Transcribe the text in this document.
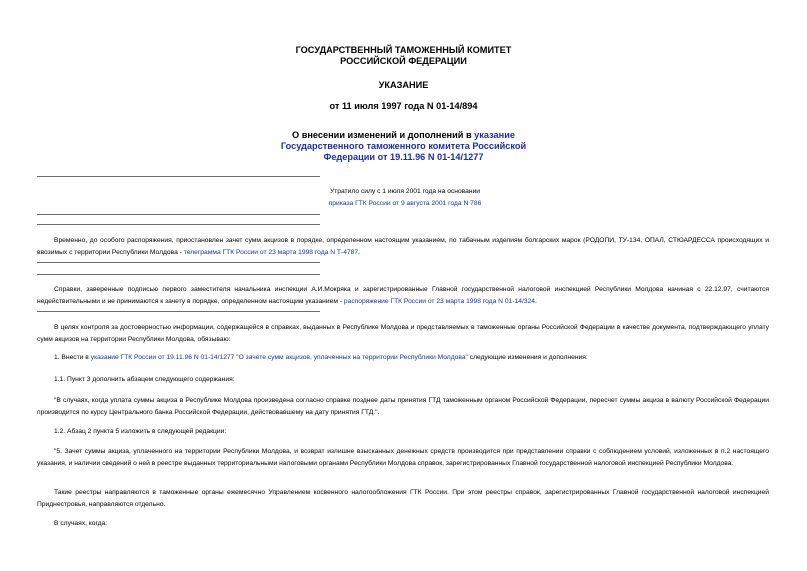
ГОСУДАРСТВЕННЫЙ ТАМОЖЕННЫЙ КОМИТЕТ
РОССИЙСКОЙ ФЕДЕРАЦИИ
УКАЗАНИЕ
от 11 июля 1997 года N 01-14/894
О внесении изменений и дополнений в указание
Государственного таможенного комитета Российской
Федерации от 19.11.96 N 01-14/1277
Утратило силу с 1 июля 2001 года на основании
приказа ГТК России от 9 августа 2001 года N 786
Временно, до особого распоряжения, приостановлен зачет сумм акцизов в порядке, определенном настоящим указанием, по табачным изделиям болгарских марок (РОДОПИ, ТУ-134, ОПАЛ, СТЮАРДЕССА происходящих и ввозимых с территории Республики Молдова - телеграмма ГТК России от 23 марта 1998 года N Т-4787.
Справки, заверенные подписью первого заместителя начальника инспекции А.И.Мокряка и зарегистрированные Главной государственной налоговой инспекцией Республики Молдова начиная с 22.12.97, считаются недействительными и не принимаются к зачету в порядке, определенном настоящим указанием - распоряжение ГТК России от 23 марта 1998 года N 01-14/324.
В целях контроля за достоверностью информации, содержащейся в справках, выданных в Республике Молдова и представляемых в таможенные органы Российской Федерации в качестве документа, подтверждающего уплату сумм акцизов на территории Республики Молдова, обязываю:
1. Внести в указание ГТК России от 19.11.96 N 01-14/1277 "О зачете сумм акцизов, уплаченных на территории Республики Молдова" следующие изменения и дополнения:
1.1. Пункт 3 дополнить абзацем следующего содержания:
"В случаях, когда уплата суммы акциза в Республике Молдова произведена согласно справке позднее даты принятия ГТД таможенным органом Российской Федерации, пересчет суммы акциза в валюту Российской Федерации производится по курсу Центрального банка Российской Федерации, действовавшему на дату принятия ГТД.".
1.2. Абзац 2 пункта 5 изложить в следующей редакции:
"5. Зачет суммы акциза, уплаченного на территории Республики Молдова, и возврат излишне взысканных денежных средств производится при представлении справки с соблюдением условий, изложенных в п.2 настоящего указания, и наличии сведений о ней в реестре выданных территориальными налоговыми органами Республики Молдова справок, зарегистрированных Главной государственной налоговой инспекцией Республики Молдова.
Такие реестры направляются в таможенные органы ежемесячно Управлением косвенного налогообложения ГТК России. При этом реестры справок, зарегистрированных Главной государственной налоговой инспекцией Приднестровья, направляются отдельно.
В случаях, когда:
